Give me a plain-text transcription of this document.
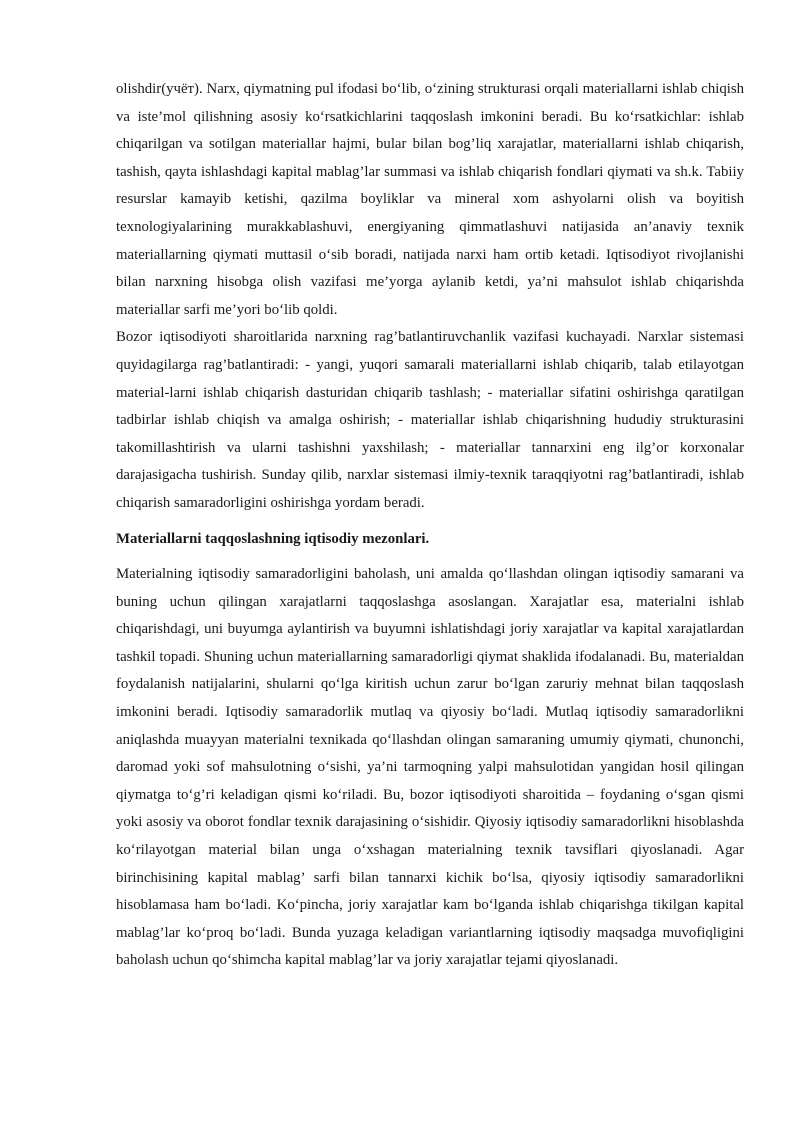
olishdir(учёт). Narx, qiymatning pul ifodasi bo‘lib, o‘zining strukturasi orqali materiallarni ishlab chiqish va iste’mol qilishning asosiy ko‘rsatkichlarini taqqoslash imkonini beradi. Bu ko‘rsatkichlar: ishlab chiqarilgan va sotilgan materiallar hajmi, bular bilan bog’liq xarajatlar, materiallarni ishlab chiqarish, tashish, qayta ishlashdagi kapital mablag’lar summasi va ishlab chiqarish fondlari qiymati va sh.k. Tabiiy resurslar kamayib ketishi, qazilma boyliklar va mineral xom ashyolarni olish va boyitish texnologiyalarining murakkablashuvi, energiyaning qimmatlashuvi natijasida an’anaviy texnik materiallarning qiymati muttasil o‘sib boradi, natijada narxi ham ortib ketadi. Iqtisodiyot rivojlanishi bilan narxning hisobga olish vazifasi me’yorga aylanib ketdi, ya’ni mahsulot ishlab chiqarishda materiallar sarfi me’yori bo‘lib qoldi.

Bozor iqtisodiyoti sharoitlarida narxning rag’batlantiruvchanlik vazifasi kuchayadi. Narxlar sistemasi quyidagilarga rag’batlantiradi: - yangi, yuqori samarali materiallarni ishlab chiqarib, talab etilayotgan material-larni ishlab chiqarish dasturidan chiqarib tashlash; - materiallar sifatini oshirishga qaratilgan tadbirlar ishlab chiqish va amalga oshirish; - materiallar ishlab chiqarishning hududiy strukturasini takomillashtirish va ularni tashishni yaxshilash; - materiallar tannarxini eng ilg’or korxonalar darajasigacha tushirish. Sunday qilib, narxlar sistemasi ilmiy-texnik taraqqiyotni rag’batlantiradi, ishlab chiqarish samaradorligini oshirishga yordam beradi.

Materiallarni taqqoslashning iqtisodiy mezonlari.

Materialning iqtisodiy samaradorligini baholash, uni amalda qo‘llashdan olingan iqtisodiy samarani va buning uchun qilingan xarajatlarni taqqoslashga asoslangan. Xarajatlar esa, materialni ishlab chiqarishdagi, uni buyumga aylantirish va buyumni ishlatishdagi joriy xarajatlar va kapital xarajatlardan tashkil topadi. Shuning uchun materiallarning samaradorligi qiymat shaklida ifodalanadi. Bu, materialdan foydalanish natijalarini, shularni qo‘lga kiritish uchun zarur bo‘lgan zaruriy mehnat bilan taqqoslash imkonini beradi. Iqtisodiy samaradorlik mutlaq va qiyosiy bo‘ladi. Mutlaq iqtisodiy samaradorlikni aniqlashda muayyan materialni texnikada qo‘llashdan olingan samaraning umumiy qiymati, chunonchi, daromad yoki sof mahsulotning o‘sishi, ya’ni tarmoqning yalpi mahsulotidan yangidan hosil qilingan qiymatga to‘g’ri keladigan qismi ko‘riladi. Bu, bozor iqtisodiyoti sharoitida – foydaning o‘sgan qismi yoki asosiy va oborot fondlar texnik darajasining o‘sishidir. Qiyosiy iqtisodiy samaradorlikni hisoblashda ko‘rilayotgan material bilan unga o‘xshagan materialning texnik tavsiflari qiyoslanadi. Agar birinchisining kapital mablag’ sarfi bilan tannarxi kichik bo‘lsa, qiyosiy iqtisodiy samaradorlikni hisoblamasa ham bo‘ladi. Ko‘pincha, joriy xarajatlar kam bo‘lganda ishlab chiqarishga tikilgan kapital mablag’lar ko‘proq bo‘ladi. Bunda yuzaga keladigan variantlarning iqtisodiy maqsadga muvofiqligini baholash uchun qo‘shimcha kapital mablag’lar va joriy xarajatlar tejami qiyoslanadi.
